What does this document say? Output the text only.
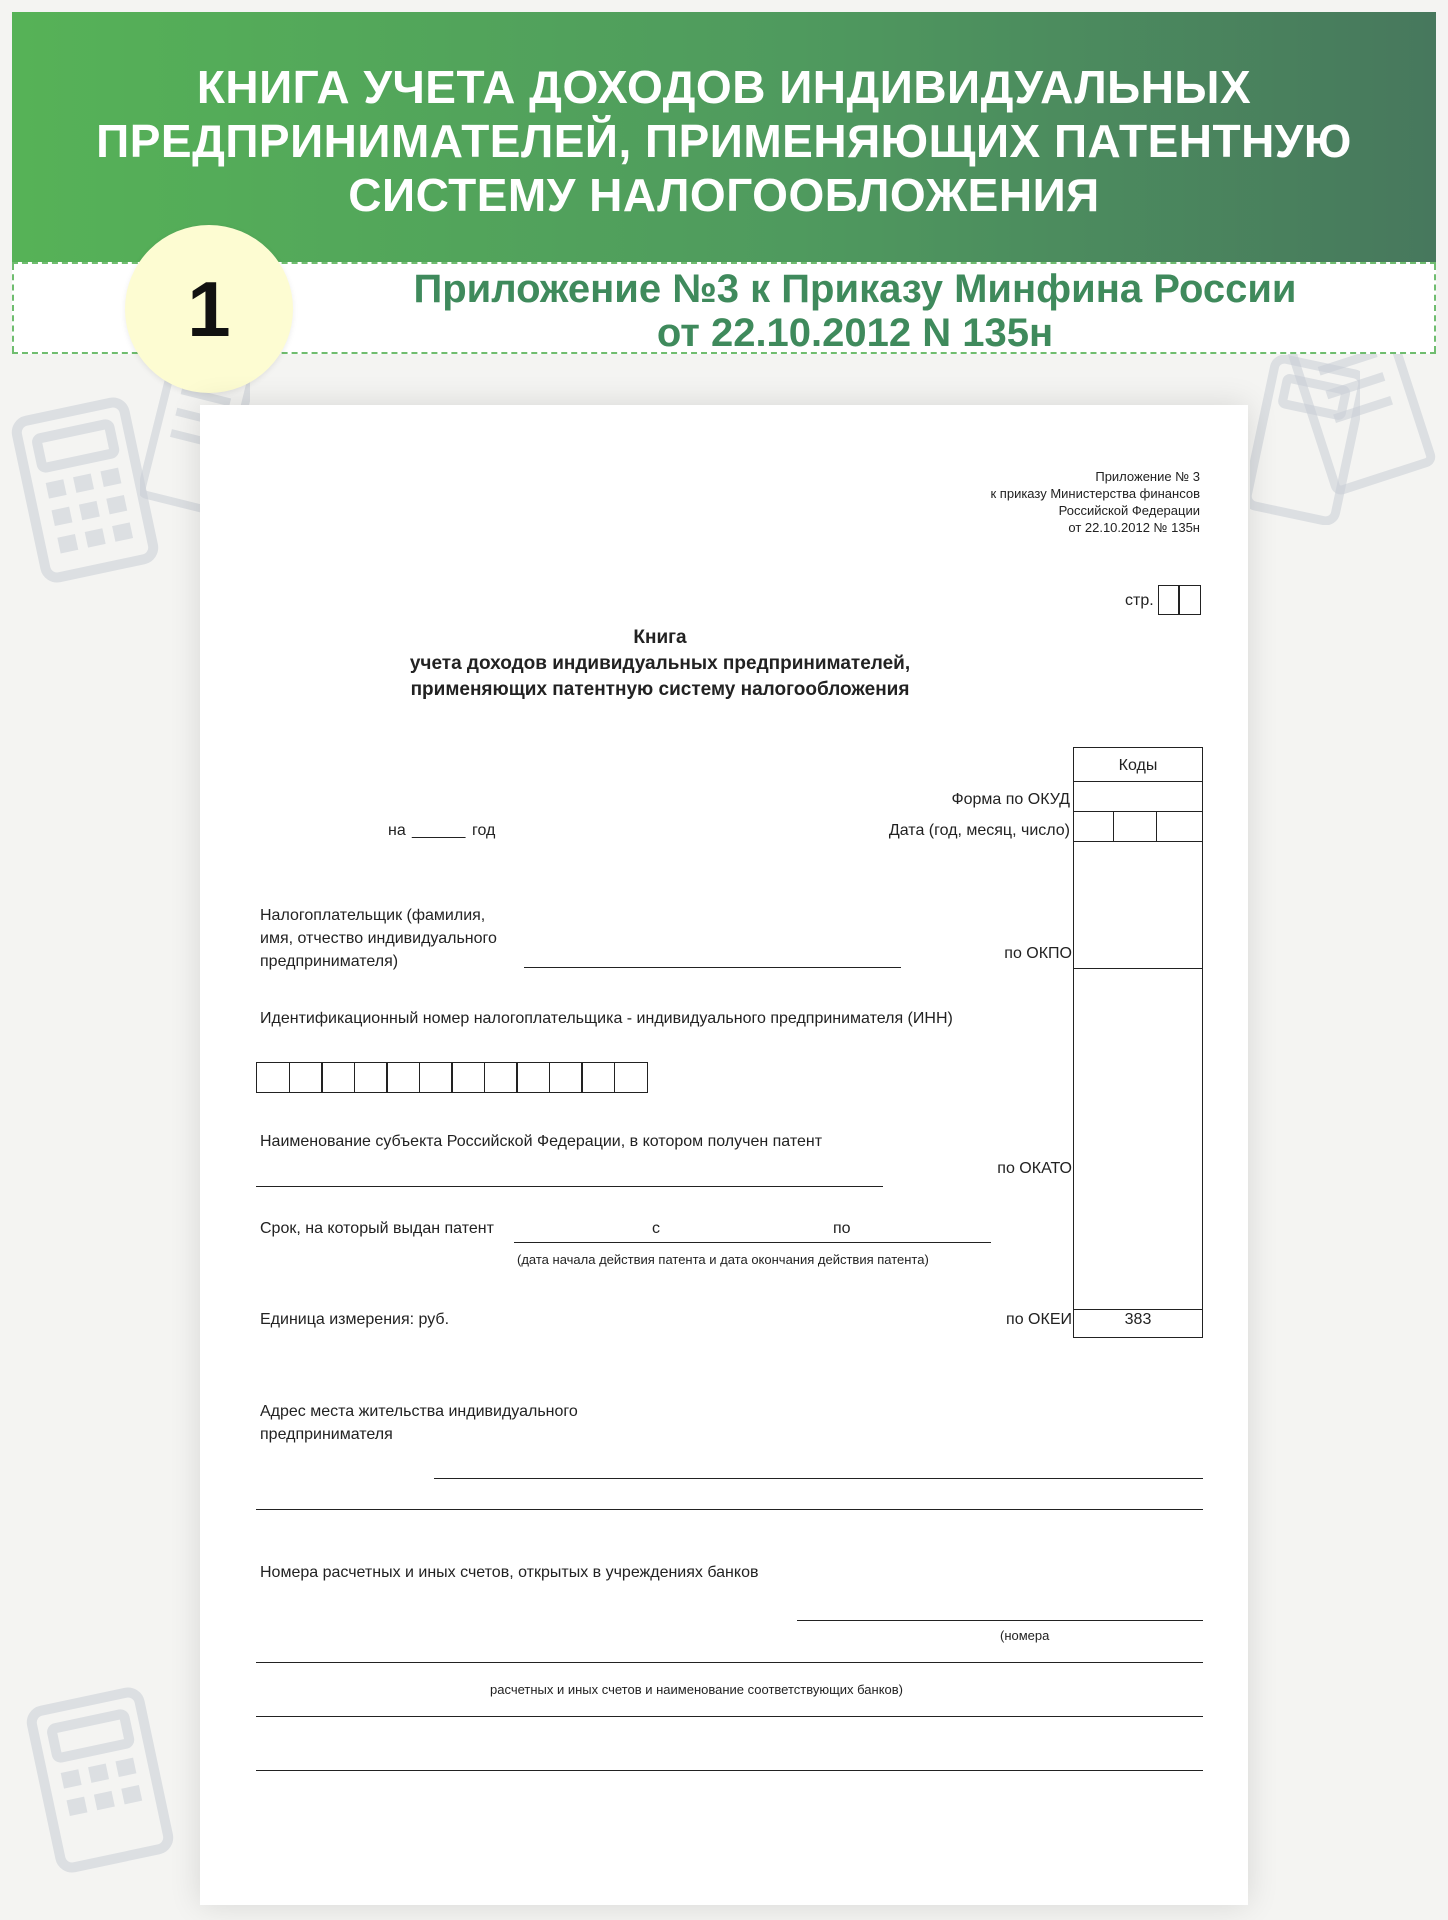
КНИГА УЧЕТА ДОХОДОВ ИНДИВИДУАЛЬНЫХ
ПРЕДПРИНИМАТЕЛЕЙ, ПРИМЕНЯЮЩИХ ПАТЕНТНУЮ
СИСТЕМУ НАЛОГООБЛОЖЕНИЯ
Приложение №3 к Приказу Минфина России
от 22.10.2012 N 135н
1
Приложение № 3
к приказу Министерства финансов
Российской Федерации
от 22.10.2012 № 135н
стр.
Книга
учета доходов индивидуальных предпринимателей,
применяющих патентную систему налогообложения
Коды
Форма по ОКУД
на ______ год	Дата (год, месяц, число)
Налогоплательщик (фамилия,
имя, отчество индивидуального
предпринимателя)	по ОКПО
Идентификационный номер налогоплательщика - индивидуального предпринимателя (ИНН)
Наименование субъекта Российской Федерации, в котором получен патент
по ОКАТО
Срок, на который выдан патент	с	по
(дата начала действия патента и дата окончания действия патента)
Единица измерения: руб.	по ОКЕИ	383
Адрес места жительства индивидуального
предпринимателя
Номера расчетных и иных счетов, открытых в учреждениях банков
(номера
расчетных и иных счетов и наименование соответствующих банков)
